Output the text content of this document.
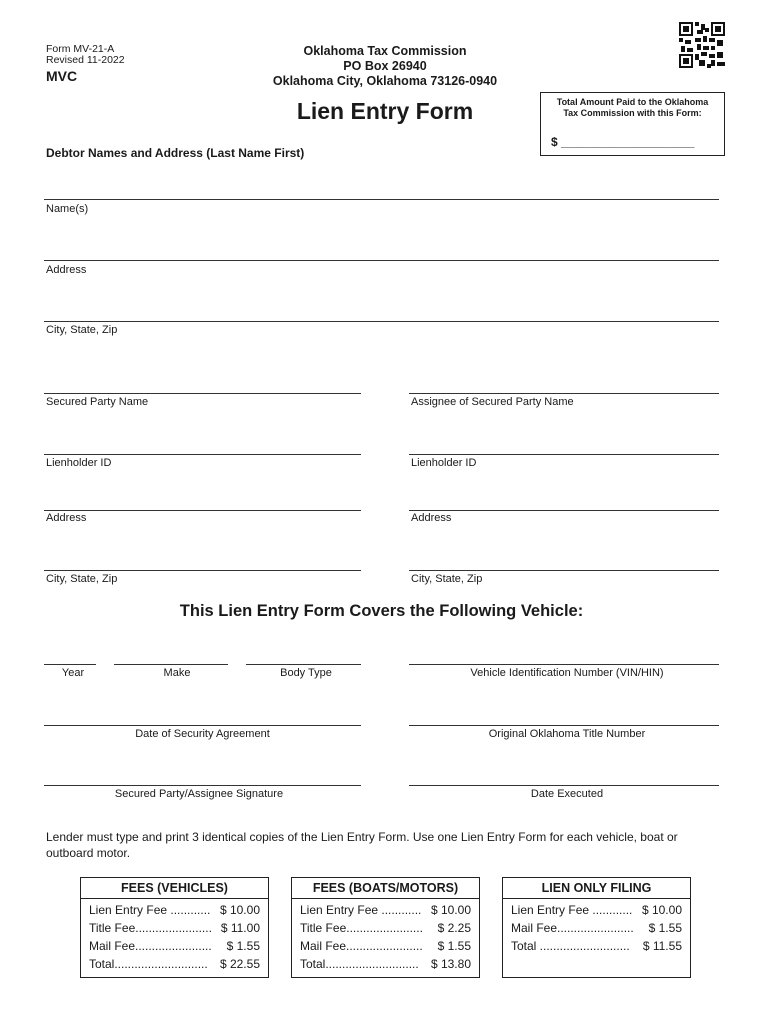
Form MV-21-A
Revised 11-2022
MVC
Oklahoma Tax Commission
PO Box 26940
Oklahoma City, Oklahoma 73126-0940
Lien Entry Form	Total Amount Paid to the Oklahoma
Tax Commission with this Form:
$ ____________________
Debtor Names and Address (Last Name First)
Name(s)
Address
City, State, Zip
Secured Party Name	Assignee of Secured Party Name
Lienholder ID	Lienholder ID
Address	Address
City, State, Zip	City, State, Zip
This Lien Entry Form Covers the Following Vehicle:
Year	Make	Body Type	Vehicle Identification Number (VIN/HIN)
Date of Security Agreement	Original Oklahoma Title Number
Secured Party/Assignee Signature	Date Executed
Lender must type and print 3 identical copies of the Lien Entry Form. Use one Lien Entry Form for each vehicle, boat or
outboard motor.
FEES (VEHICLES)
Lien Entry Fee ............ $ 10.00
Title Fee....................... $ 11.00
Mail Fee....................... $ 1.55
Total............................ $ 22.55
FEES (BOATS/MOTORS)
Lien Entry Fee ............ $ 10.00
Title Fee....................... $ 2.25
Mail Fee....................... $ 1.55
Total............................ $ 13.80
LIEN ONLY FILING
Lien Entry Fee ............ $ 10.00
Mail Fee....................... $ 1.55
Total ........................... $ 11.55
